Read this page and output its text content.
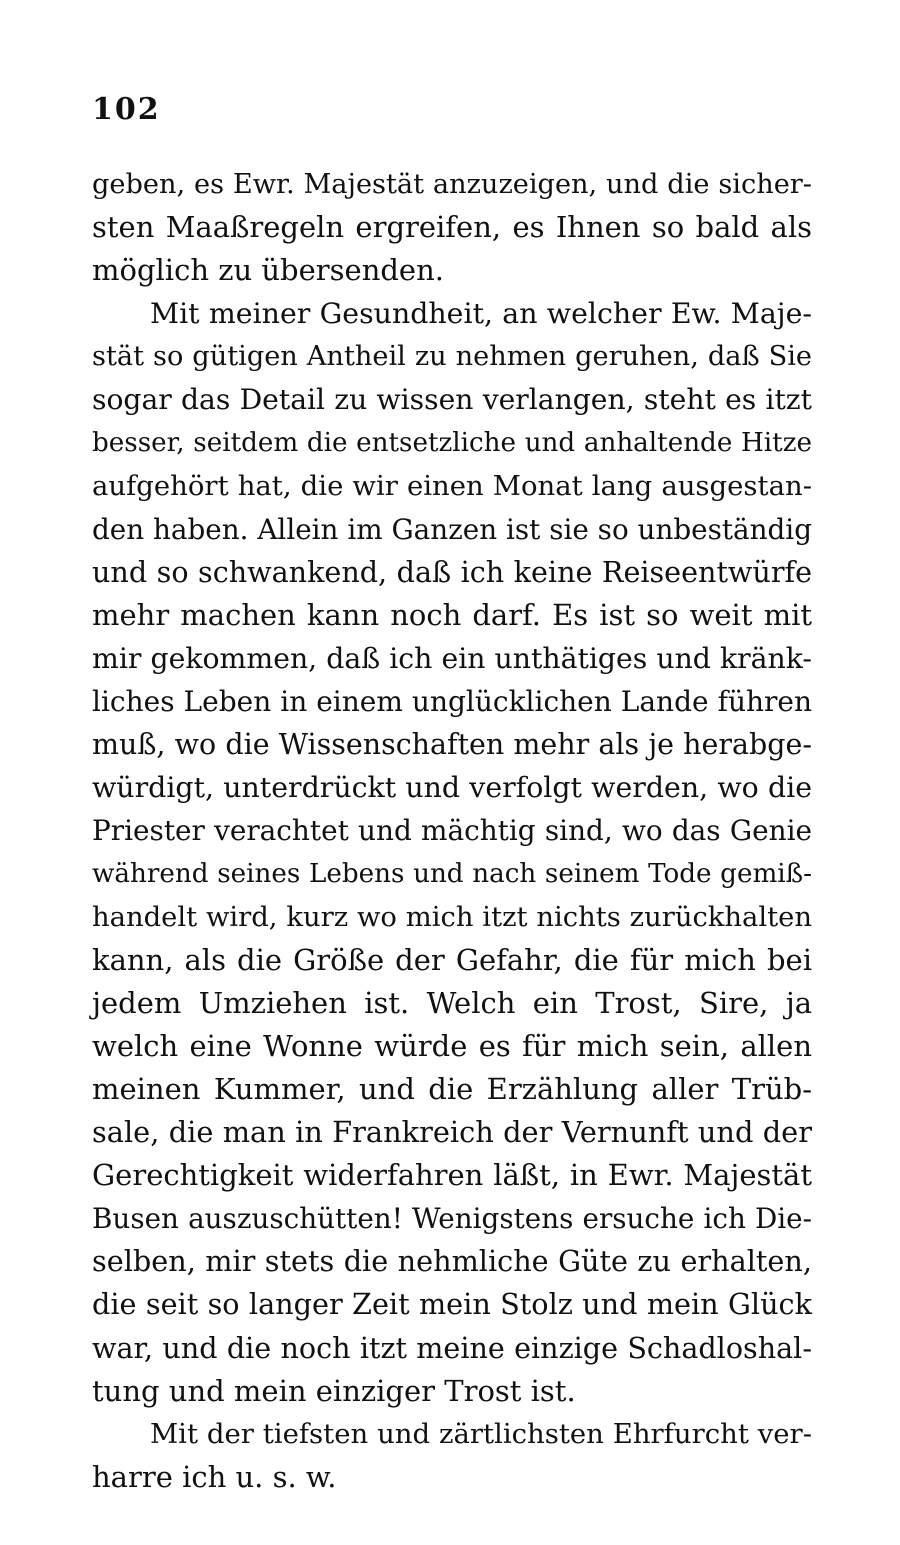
102
geben, es Ewr. Majestät anzuzeigen, und die sicher-
sten Maaßregeln ergreifen, es Ihnen so bald als
möglich zu übersenden.
Mit meiner Gesundheit, an welcher Ew. Maje-
stät so gütigen Antheil zu nehmen geruhen, daß Sie
sogar das Detail zu wissen verlangen, steht es itzt
besser, seitdem die entsetzliche und anhaltende Hitze
aufgehört hat, die wir einen Monat lang ausgestan-
den haben. Allein im Ganzen ist sie so unbeständig
und so schwankend, daß ich keine Reiseentwürfe
mehr machen kann noch darf. Es ist so weit mit
mir gekommen, daß ich ein unthätiges und kränk-
liches Leben in einem unglücklichen Lande führen
muß, wo die Wissenschaften mehr als je herabge-
würdigt, unterdrückt und verfolgt werden, wo die
Priester verachtet und mächtig sind, wo das Genie
während seines Lebens und nach seinem Tode gemiß-
handelt wird, kurz wo mich itzt nichts zurückhalten
kann, als die Größe der Gefahr, die für mich bei
jedem Umziehen ist. Welch ein Trost, Sire, ja
welch eine Wonne würde es für mich sein, allen
meinen Kummer, und die Erzählung aller Trüb-
sale, die man in Frankreich der Vernunft und der
Gerechtigkeit widerfahren läßt, in Ewr. Majestät
Busen auszuschütten! Wenigstens ersuche ich Die-
selben, mir stets die nehmliche Güte zu erhalten,
die seit so langer Zeit mein Stolz und mein Glück
war, und die noch itzt meine einzige Schadloshal-
tung und mein einziger Trost ist.
Mit der tiefsten und zärtlichsten Ehrfurcht ver-
harre ich u. s. w.
